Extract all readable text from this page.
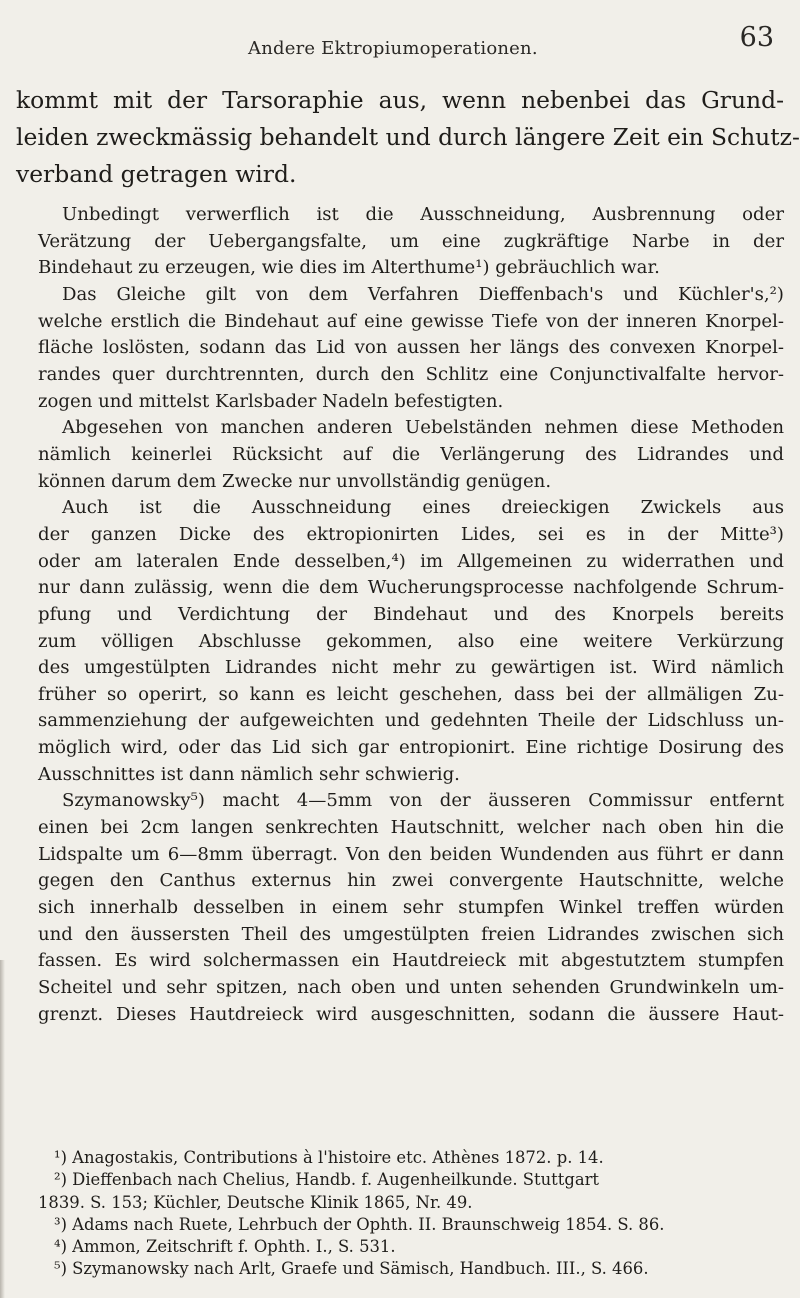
Andere Ektropiumoperationen.	63

kommt mit der Tarsoraphie aus, wenn nebenbei das Grund-
leiden zweckmässig behandelt und durch längere Zeit ein Schutz-
verband getragen wird.

Unbedingt verwerflich ist die Ausschneidung, Ausbrennung oder
Verätzung der Uebergangsfalte, um eine zugkräftige Narbe in der
Bindehaut zu erzeugen, wie dies im Alterthume¹) gebräuchlich war.
Das Gleiche gilt von dem Verfahren Dieffenbach's und Küchler's,²)
welche erstlich die Bindehaut auf eine gewisse Tiefe von der inneren Knorpel-
fläche loslösten, sodann das Lid von aussen her längs des convexen Knorpel-
randes quer durchtrennten, durch den Schlitz eine Conjunctivalfalte hervor-
zogen und mittelst Karlsbader Nadeln befestigten.
Abgesehen von manchen anderen Uebelständen nehmen diese Methoden
nämlich keinerlei Rücksicht auf die Verlängerung des Lidrandes und
können darum dem Zwecke nur unvollständig genügen.
Auch ist die Ausschneidung eines dreieckigen Zwickels aus
der ganzen Dicke des ektropionirten Lides, sei es in der Mitte³)
oder am lateralen Ende desselben,⁴) im Allgemeinen zu widerrathen und
nur dann zulässig, wenn die dem Wucherungsprocesse nachfolgende Schrum-
pfung und Verdichtung der Bindehaut und des Knorpels bereits
zum völligen Abschlusse gekommen, also eine weitere Verkürzung
des umgestülpten Lidrandes nicht mehr zu gewärtigen ist. Wird nämlich
früher so operirt, so kann es leicht geschehen, dass bei der allmäligen Zu-
sammenziehung der aufgeweichten und gedehnten Theile der Lidschluss un-
möglich wird, oder das Lid sich gar entropionirt. Eine richtige Dosirung des
Ausschnittes ist dann nämlich sehr schwierig.
Szymanowsky⁵) macht 4—5mm von der äusseren Commissur entfernt
einen bei 2cm langen senkrechten Hautschnitt, welcher nach oben hin die
Lidspalte um 6—8mm überragt. Von den beiden Wundenden aus führt er dann
gegen den Canthus externus hin zwei convergente Hautschnitte, welche
sich innerhalb desselben in einem sehr stumpfen Winkel treffen würden
und den äussersten Theil des umgestülpten freien Lidrandes zwischen sich
fassen. Es wird solchermassen ein Hautdreieck mit abgestutztem stumpfen
Scheitel und sehr spitzen, nach oben und unten sehenden Grundwinkeln um-
grenzt. Dieses Hautdreieck wird ausgeschnitten, sodann die äussere Haut-

¹) Anagostakis, Contributions à l'histoire etc. Athènes 1872. p. 14.
²) Dieffenbach nach Chelius, Handb. f. Augenheilkunde. Stuttgart
1839. S. 153; Küchler, Deutsche Klinik 1865, Nr. 49.
³) Adams nach Ruete, Lehrbuch der Ophth. II. Braunschweig 1854. S. 86.
⁴) Ammon, Zeitschrift f. Ophth. I., S. 531.
⁵) Szymanowsky nach Arlt, Graefe und Sämisch, Handbuch. III., S. 466.
